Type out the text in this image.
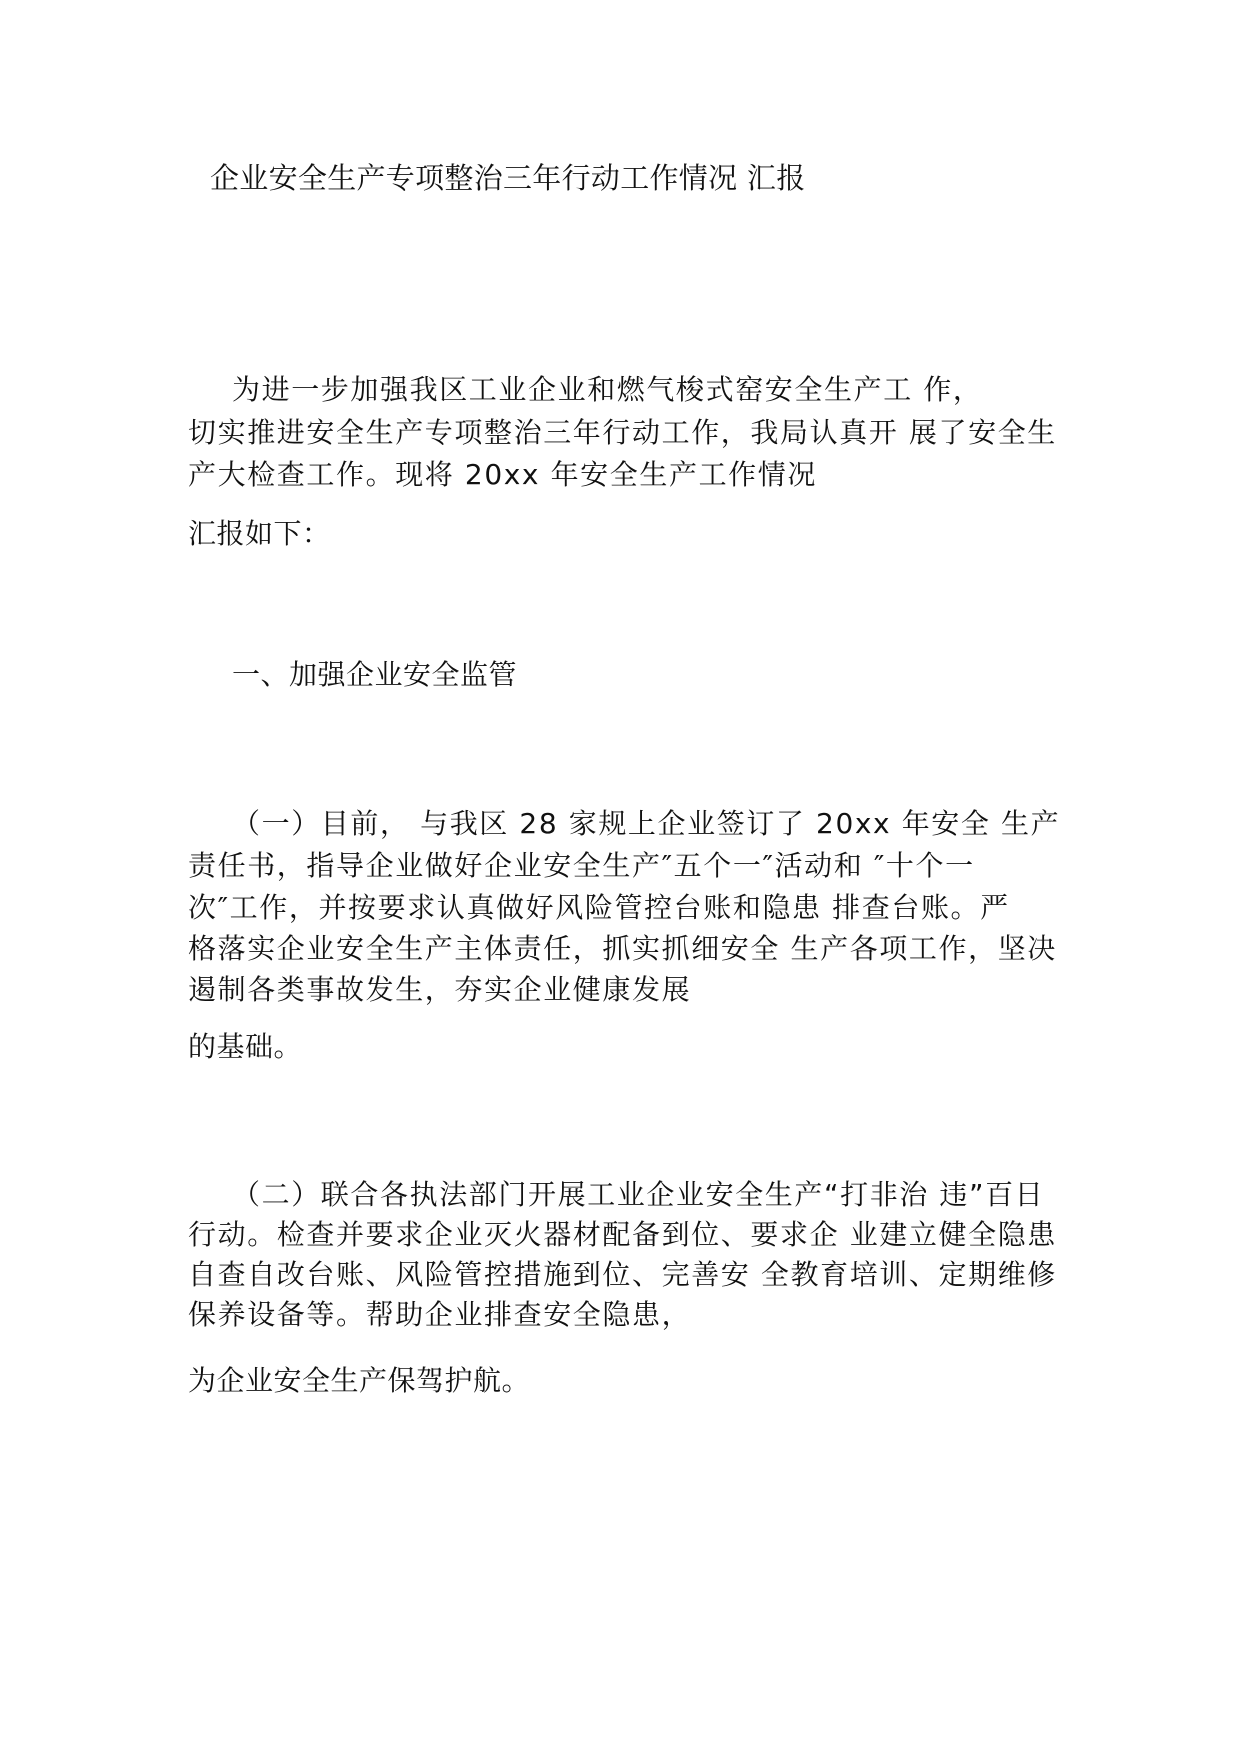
企业安全生产专项整治三年行动工作情况 汇报
为进一步加强我区工业企业和燃气梭式窑安全生产工 作，
切实推进安全生产专项整治三年行动工作，我局认真开 展了安全生
产大检查工作。现将 20xx 年安全生产工作情况
汇报如下：
一、加强企业安全监管
（一）目前， 与我区 28 家规上企业签订了 20xx 年安全 生产
责任书，指导企业做好企业安全生产″五个一″活动和 ″十个一
次″工作，并按要求认真做好风险管控台账和隐患 排查台账。严
格落实企业安全生产主体责任，抓实抓细安全 生产各项工作，坚决
遏制各类事故发生，夯实企业健康发展
的基础。
（二）联合各执法部门开展工业企业安全生产“打非治 违”百日
行动。检查并要求企业灭火器材配备到位、要求企 业建立健全隐患
自查自改台账、风险管控措施到位、完善安 全教育培训、定期维修
保养设备等。帮助企业排查安全隐患，
为企业安全生产保驾护航。
